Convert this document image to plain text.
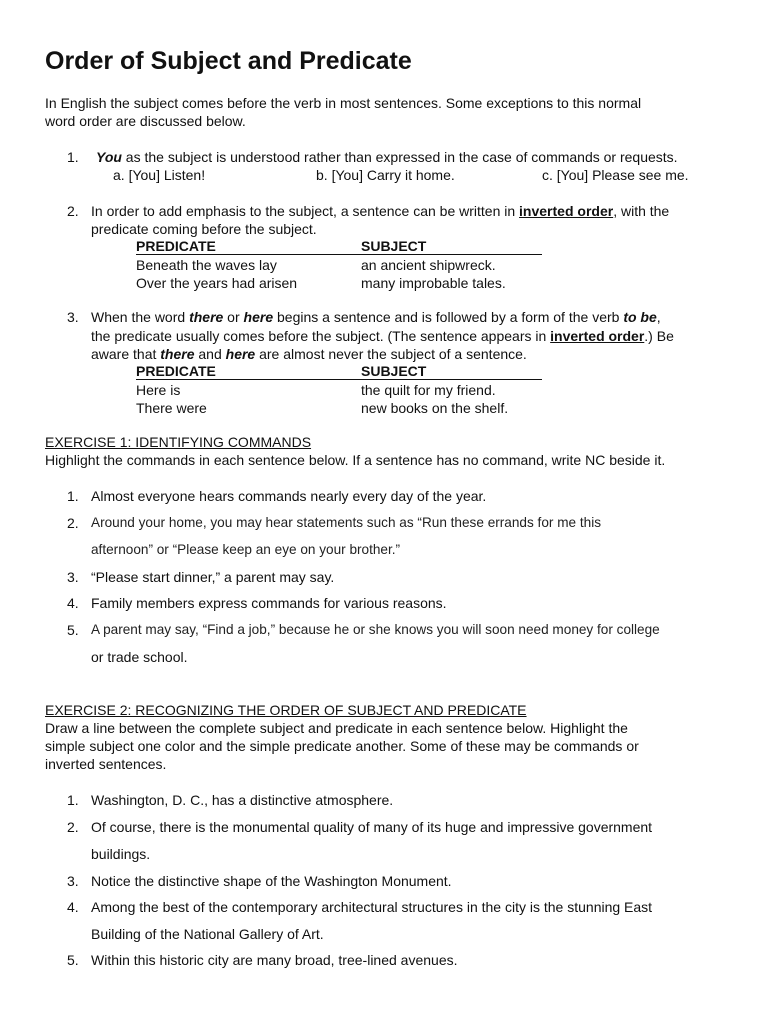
Order of Subject and Predicate
In English the subject comes before the verb in most sentences. Some exceptions to this normal
word order are discussed below.
1. You as the subject is understood rather than expressed in the case of commands or requests.
a. [You] Listen!	b. [You] Carry it home.	c. [You] Please see me.
2. In order to add emphasis to the subject, a sentence can be written in inverted order, with the
predicate coming before the subject.
PREDICATE	SUBJECT
Beneath the waves lay	an ancient shipwreck.
Over the years had arisen	many improbable tales.
3. When the word there or here begins a sentence and is followed by a form of the verb to be,
the predicate usually comes before the subject. (The sentence appears in inverted order.) Be
aware that there and here are almost never the subject of a sentence.
PREDICATE	SUBJECT
Here is	the quilt for my friend.
There were	new books on the shelf.
EXERCISE 1: IDENTIFYING COMMANDS
Highlight the commands in each sentence below. If a sentence has no command, write NC beside it.
1. Almost everyone hears commands nearly every day of the year.
2. Around your home, you may hear statements such as “Run these errands for me this
afternoon” or “Please keep an eye on your brother.”
3. “Please start dinner,” a parent may say.
4. Family members express commands for various reasons.
5. A parent may say, “Find a job,” because he or she knows you will soon need money for college
or trade school.
EXERCISE 2: RECOGNIZING THE ORDER OF SUBJECT AND PREDICATE
Draw a line between the complete subject and predicate in each sentence below. Highlight the
simple subject one color and the simple predicate another. Some of these may be commands or
inverted sentences.
1. Washington, D. C., has a distinctive atmosphere.
2. Of course, there is the monumental quality of many of its huge and impressive government
buildings.
3. Notice the distinctive shape of the Washington Monument.
4. Among the best of the contemporary architectural structures in the city is the stunning East
Building of the National Gallery of Art.
5. Within this historic city are many broad, tree-lined avenues.
